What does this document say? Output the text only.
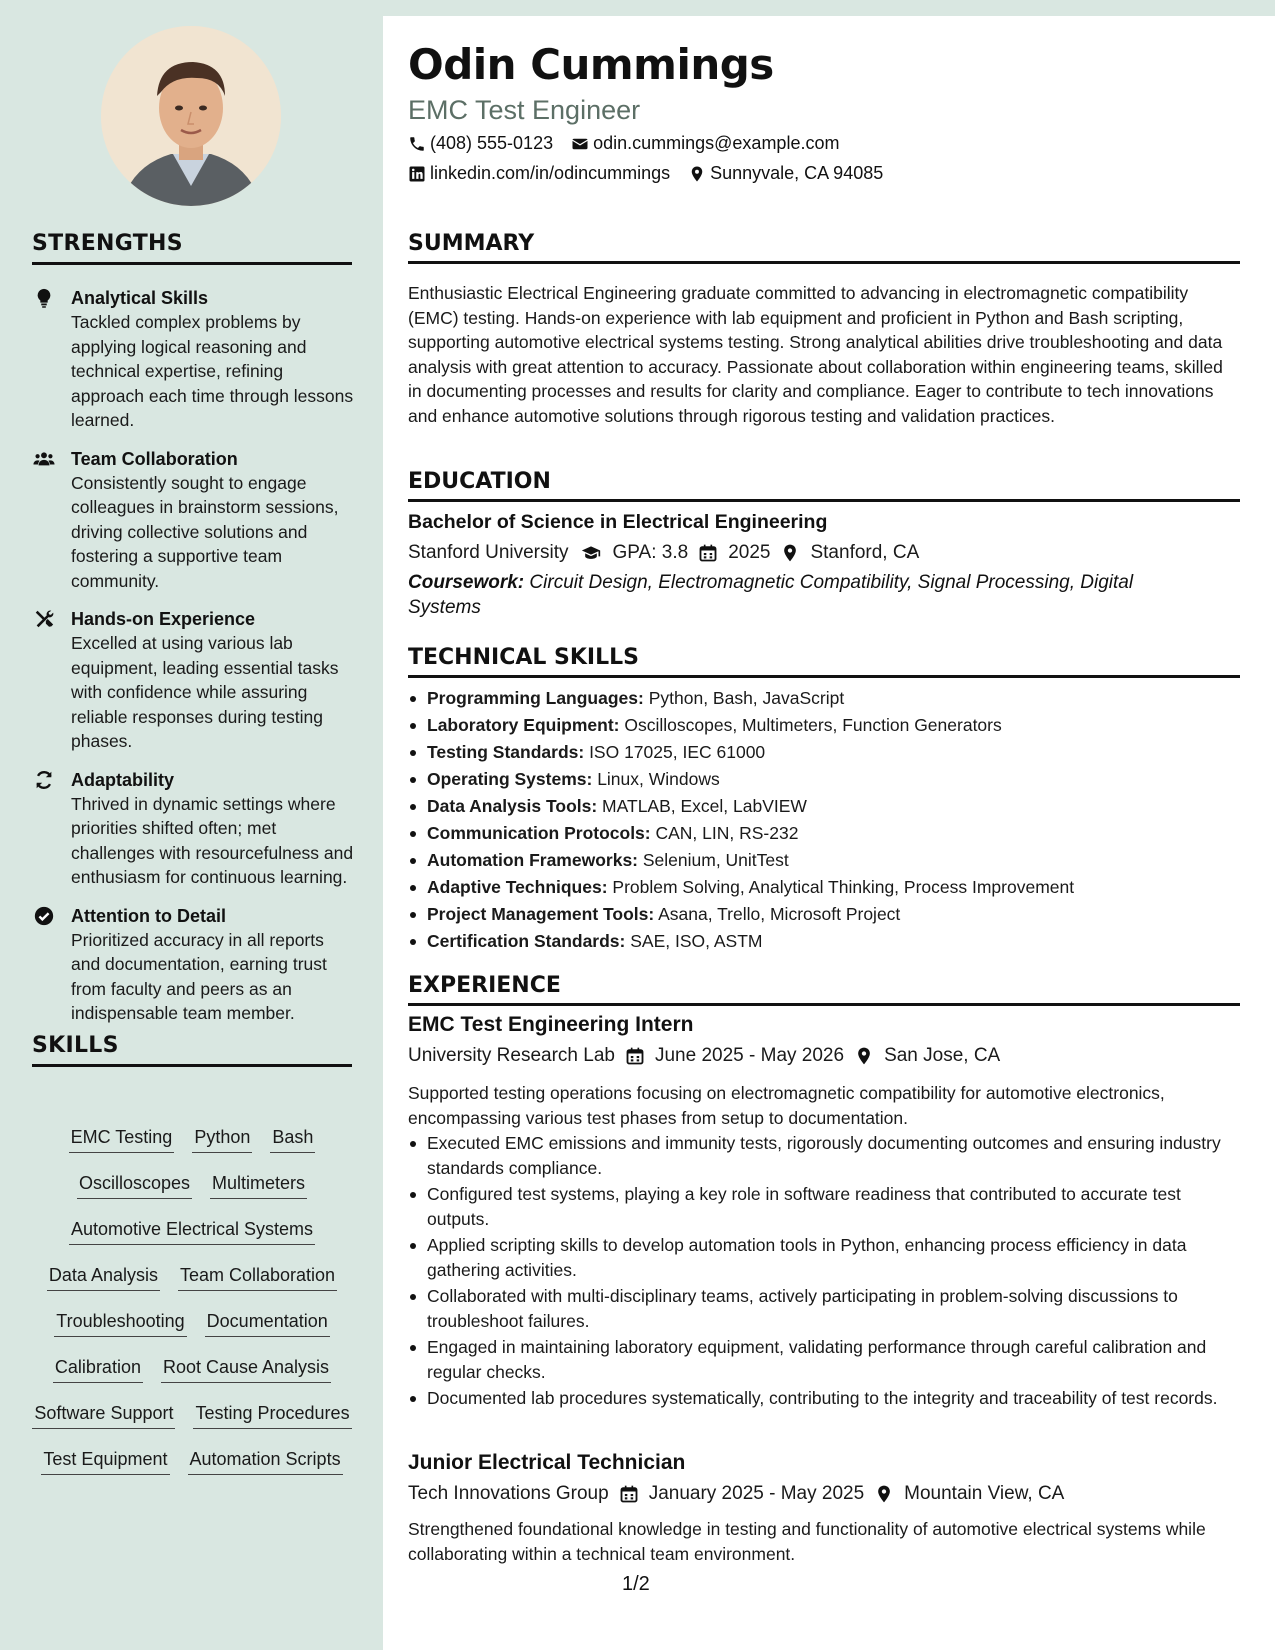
Odin Cummings
EMC Test Engineer
(408) 555-0123 odin.cummings@example.com
linkedin.com/in/odincummings Sunnyvale, CA 94085
STRENGTHS
Analytical Skills
Tackled complex problems by applying logical reasoning and technical expertise, refining approach each time through lessons learned.
Team Collaboration
Consistently sought to engage colleagues in brainstorm sessions, driving collective solutions and fostering a supportive team community.
Hands-on Experience
Excelled at using various lab equipment, leading essential tasks with confidence while assuring reliable responses during testing phases.
Adaptability
Thrived in dynamic settings where priorities shifted often; met challenges with resourcefulness and enthusiasm for continuous learning.
Attention to Detail
Prioritized accuracy in all reports and documentation, earning trust from faculty and peers as an indispensable team member.
SKILLS
EMC Testing Python Bash
Oscilloscopes Multimeters
Automotive Electrical Systems
Data Analysis Team Collaboration
Troubleshooting Documentation
Calibration Root Cause Analysis
Software Support Testing Procedures
Test Equipment Automation Scripts
SUMMARY
Enthusiastic Electrical Engineering graduate committed to advancing in electromagnetic compatibility (EMC) testing. Hands-on experience with lab equipment and proficient in Python and Bash scripting, supporting automotive electrical systems testing. Strong analytical abilities drive troubleshooting and data analysis with great attention to accuracy. Passionate about collaboration within engineering teams, skilled in documenting processes and results for clarity and compliance. Eager to contribute to tech innovations and enhance automotive solutions through rigorous testing and validation practices.
EDUCATION
Bachelor of Science in Electrical Engineering
Stanford University GPA: 3.8 2025 Stanford, CA
Coursework: Circuit Design, Electromagnetic Compatibility, Signal Processing, Digital Systems
TECHNICAL SKILLS
Programming Languages: Python, Bash, JavaScript
Laboratory Equipment: Oscilloscopes, Multimeters, Function Generators
Testing Standards: ISO 17025, IEC 61000
Operating Systems: Linux, Windows
Data Analysis Tools: MATLAB, Excel, LabVIEW
Communication Protocols: CAN, LIN, RS-232
Automation Frameworks: Selenium, UnitTest
Adaptive Techniques: Problem Solving, Analytical Thinking, Process Improvement
Project Management Tools: Asana, Trello, Microsoft Project
Certification Standards: SAE, ISO, ASTM
EXPERIENCE
EMC Test Engineering Intern
University Research Lab June 2025 - May 2026 San Jose, CA
Supported testing operations focusing on electromagnetic compatibility for automotive electronics, encompassing various test phases from setup to documentation.
Executed EMC emissions and immunity tests, rigorously documenting outcomes and ensuring industry standards compliance.
Configured test systems, playing a key role in software readiness that contributed to accurate test outputs.
Applied scripting skills to develop automation tools in Python, enhancing process efficiency in data gathering activities.
Collaborated with multi-disciplinary teams, actively participating in problem-solving discussions to troubleshoot failures.
Engaged in maintaining laboratory equipment, validating performance through careful calibration and regular checks.
Documented lab procedures systematically, contributing to the integrity and traceability of test records.
Junior Electrical Technician
Tech Innovations Group January 2025 - May 2025 Mountain View, CA
Strengthened foundational knowledge in testing and functionality of automotive electrical systems while collaborating within a technical team environment.
1/2
